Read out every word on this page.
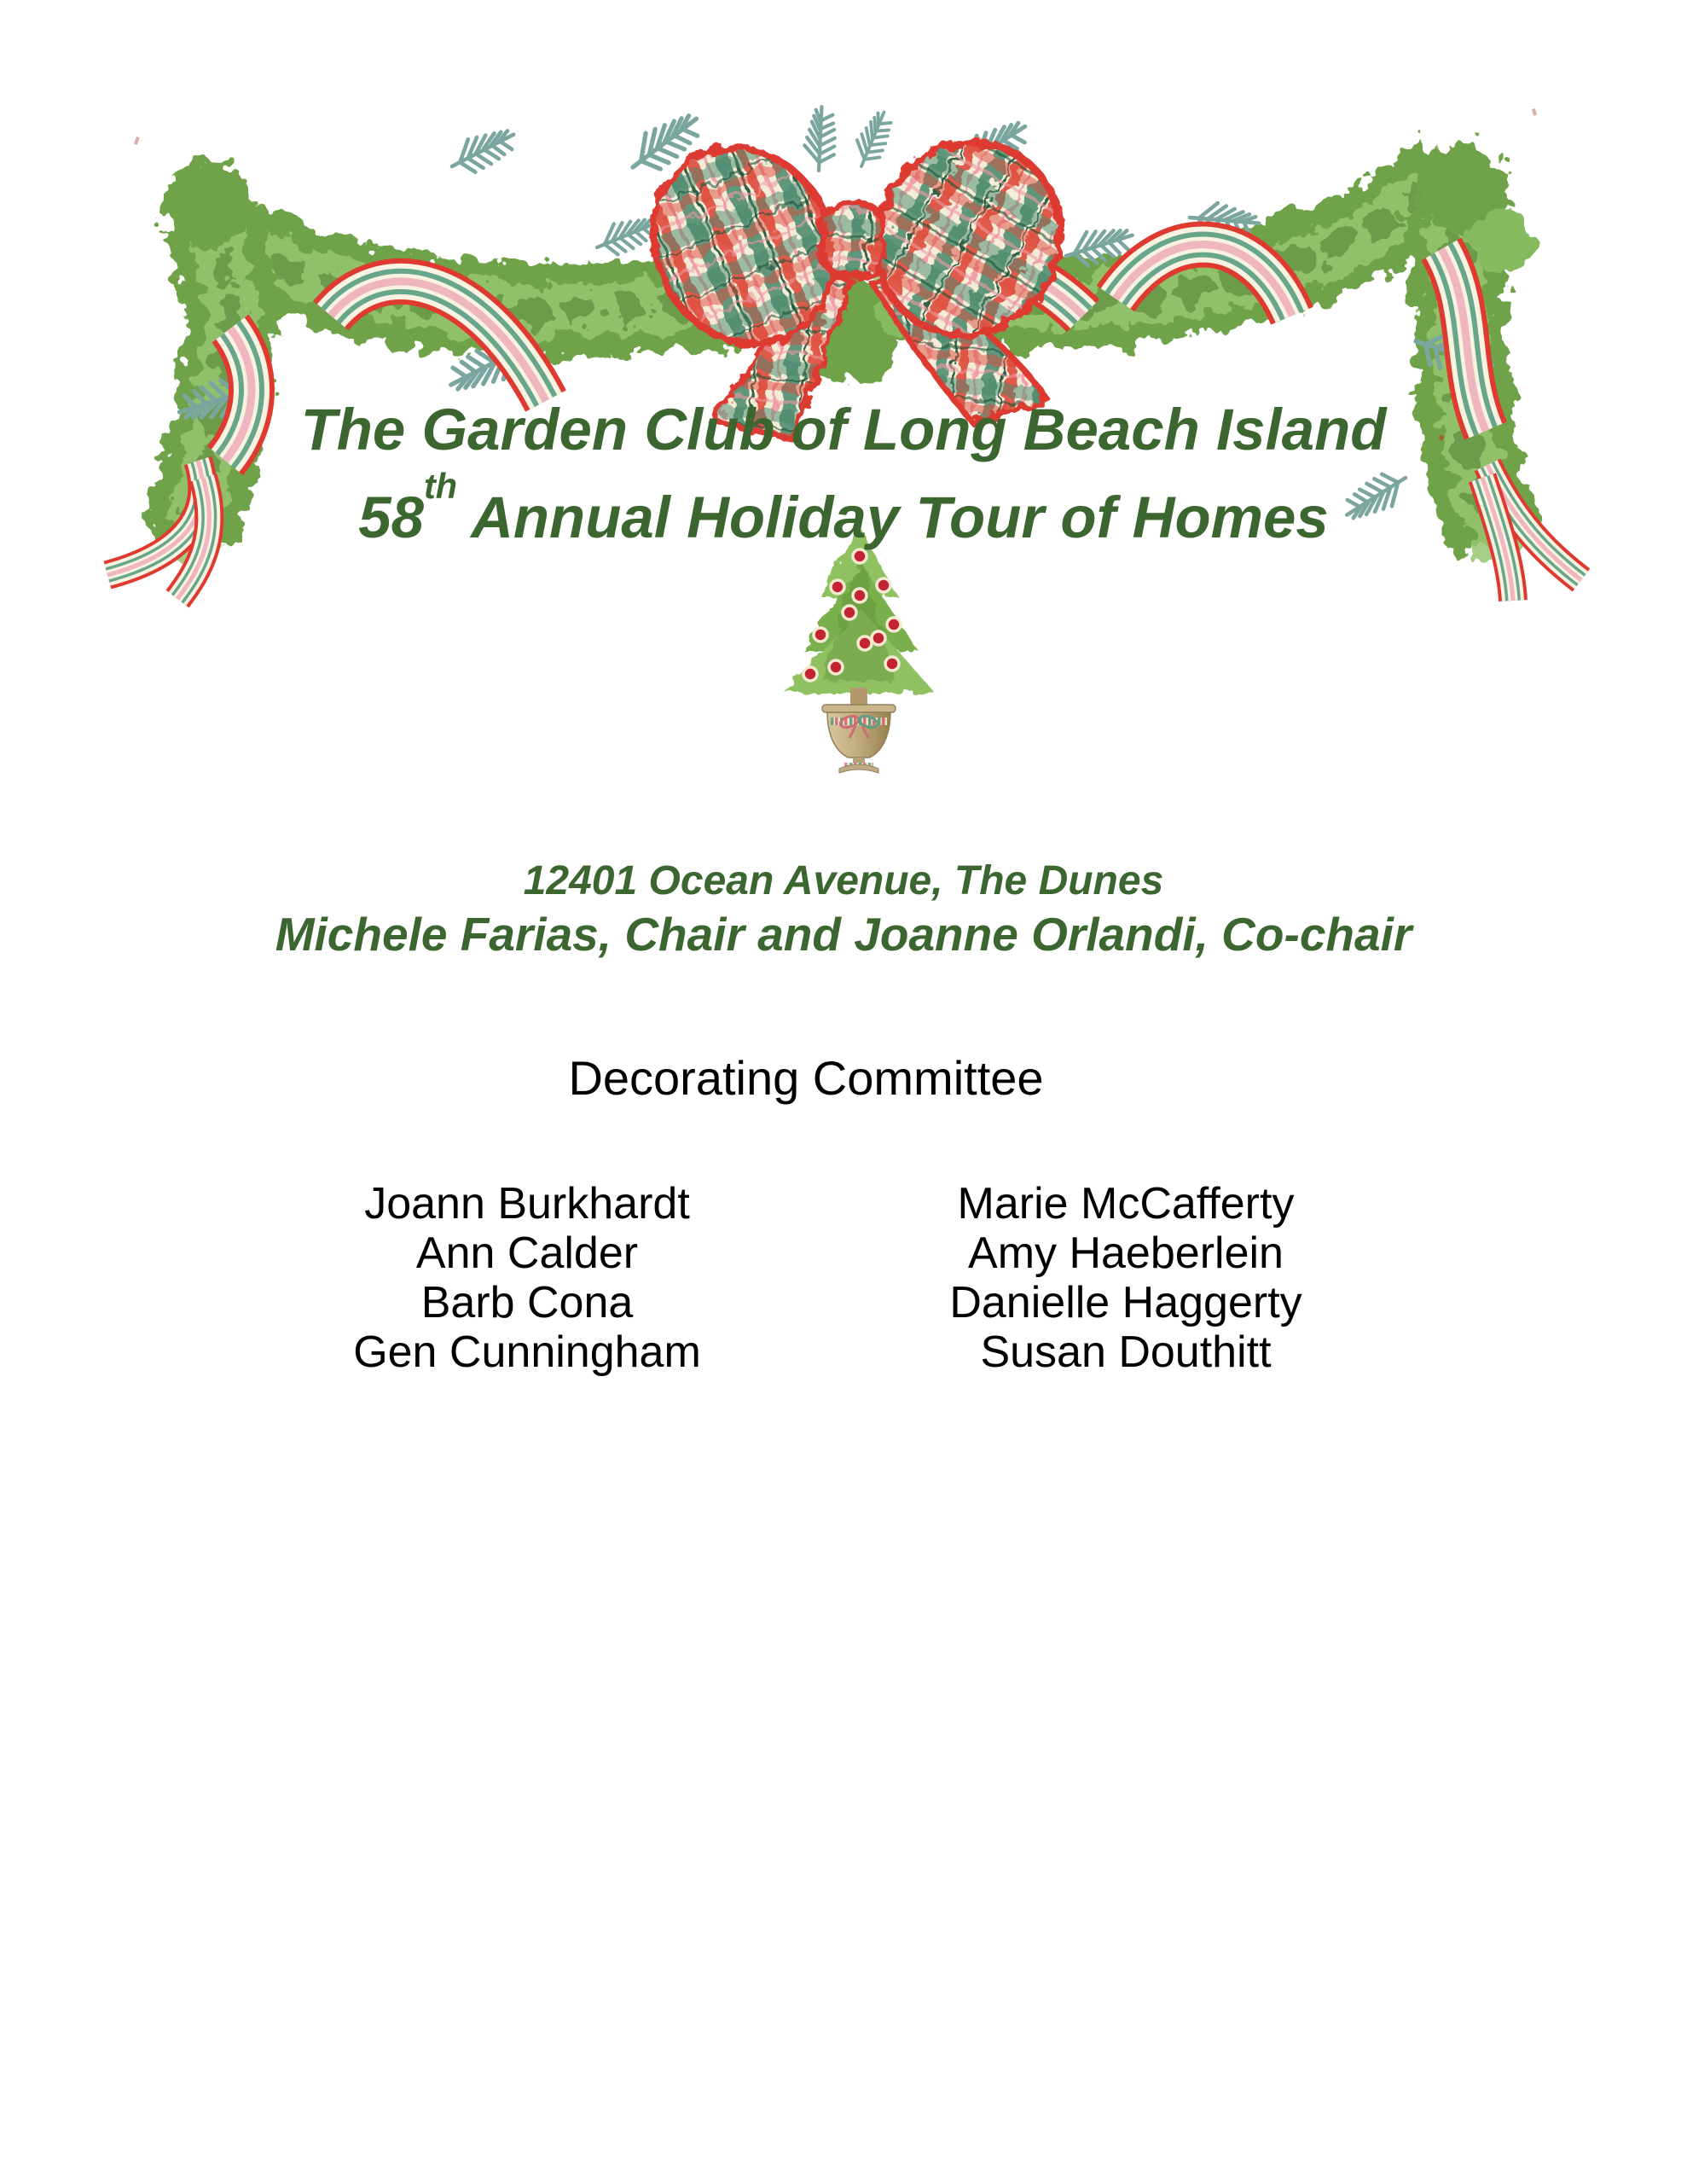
The Garden Club of Long Beach Island
58th Annual Holiday Tour of Homes
12401 Ocean Avenue, The Dunes
Michele Farias, Chair and Joanne Orlandi, Co-chair
Decorating Committee
Joann Burkhardt
Ann Calder
Barb Cona
Gen Cunningham
Marie McCafferty
Amy Haeberlein
Danielle Haggerty
Susan Douthitt
